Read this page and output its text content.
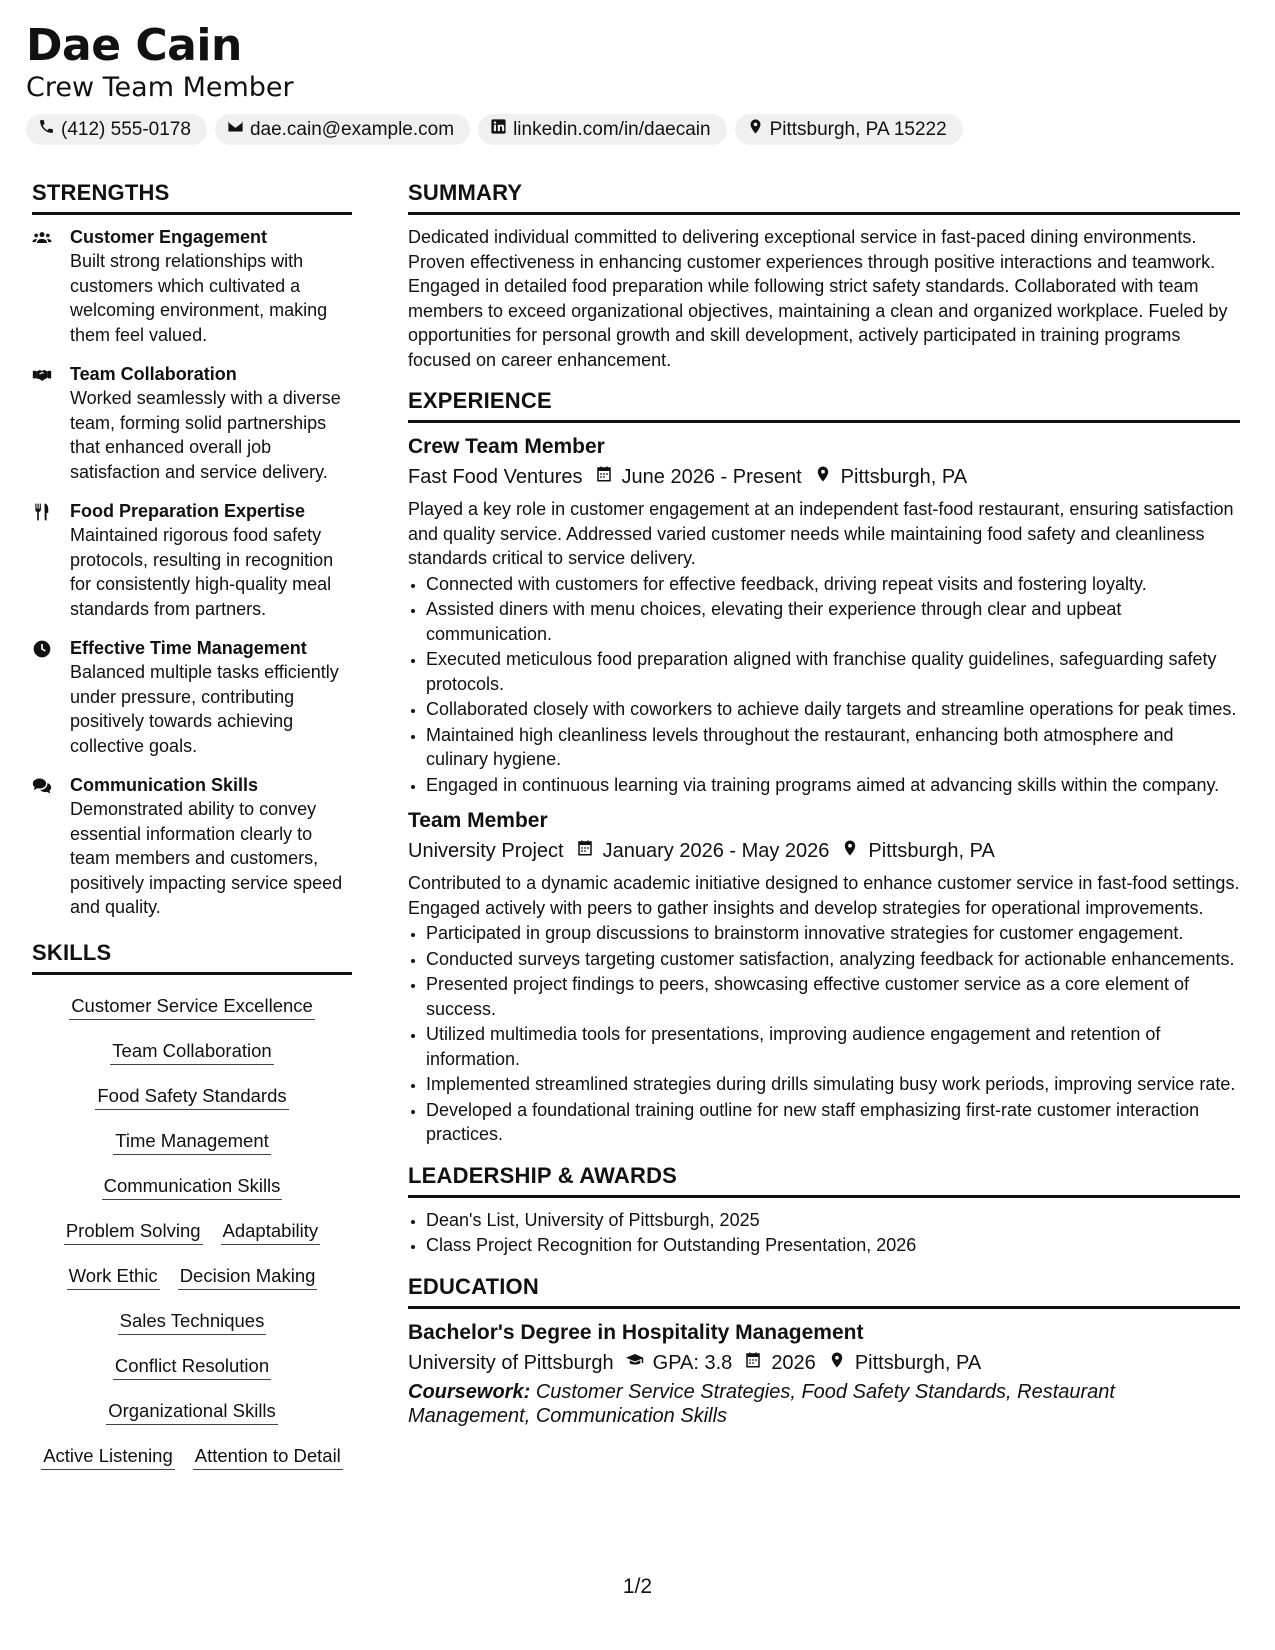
Dae Cain
Crew Team Member
(412) 555-0178	dae.cain@example.com	linkedin.com/in/daecain	Pittsburgh, PA 15222
STRENGTHS
Customer Engagement
Built strong relationships with customers which cultivated a welcoming environment, making them feel valued.
Team Collaboration
Worked seamlessly with a diverse team, forming solid partnerships that enhanced overall job satisfaction and service delivery.
Food Preparation Expertise
Maintained rigorous food safety protocols, resulting in recognition for consistently high-quality meal standards from partners.
Effective Time Management
Balanced multiple tasks efficiently under pressure, contributing positively towards achieving collective goals.
Communication Skills
Demonstrated ability to convey essential information clearly to team members and customers, positively impacting service speed and quality.
SKILLS
Customer Service Excellence
Team Collaboration
Food Safety Standards
Time Management
Communication Skills
Problem Solving Adaptability
Work Ethic Decision Making
Sales Techniques
Conflict Resolution
Organizational Skills
Active Listening Attention to Detail
SUMMARY

Dedicated individual committed to delivering exceptional service in fast-paced dining environments. Proven effectiveness in enhancing customer experiences through positive interactions and teamwork. Engaged in detailed food preparation while following strict safety standards. Collaborated with team members to exceed organizational objectives, maintaining a clean and organized workplace. Fueled by opportunities for personal growth and skill development, actively participated in training programs focused on career enhancement.

EXPERIENCE
Crew Team Member
Fast Food Ventures June 2026 - Present Pittsburgh, PA

Played a key role in customer engagement at an independent fast-food restaurant, ensuring satisfaction and quality service. Addressed varied customer needs while maintaining food safety and cleanliness standards critical to service delivery.

• Connected with customers for effective feedback, driving repeat visits and fostering loyalty.
• Assisted diners with menu choices, elevating their experience through clear and upbeat communication.
• Executed meticulous food preparation aligned with franchise quality guidelines, safeguarding safety protocols.
• Collaborated closely with coworkers to achieve daily targets and streamline operations for peak times.
• Maintained high cleanliness levels throughout the restaurant, enhancing both atmosphere and culinary hygiene.
• Engaged in continuous learning via training programs aimed at advancing skills within the company.
Team Member
University Project January 2026 - May 2026 Pittsburgh, PA

Contributed to a dynamic academic initiative designed to enhance customer service in fast-food settings. Engaged actively with peers to gather insights and develop strategies for operational improvements.

• Participated in group discussions to brainstorm innovative strategies for customer engagement.
• Conducted surveys targeting customer satisfaction, analyzing feedback for actionable enhancements.
• Presented project findings to peers, showcasing effective customer service as a core element of success.
• Utilized multimedia tools for presentations, improving audience engagement and retention of information.
• Implemented streamlined strategies during drills simulating busy work periods, improving service rate.
• Developed a foundational training outline for new staff emphasizing first-rate customer interaction practices.
LEADERSHIP & AWARDS
• Dean's List, University of Pittsburgh, 2025
• Class Project Recognition for Outstanding Presentation, 2026
EDUCATION
Bachelor's Degree in Hospitality Management
University of Pittsburgh GPA: 3.8 2026 Pittsburgh, PA
Coursework: Customer Service Strategies, Food Safety Standards, Restaurant Management, Communication Skills
1/2
